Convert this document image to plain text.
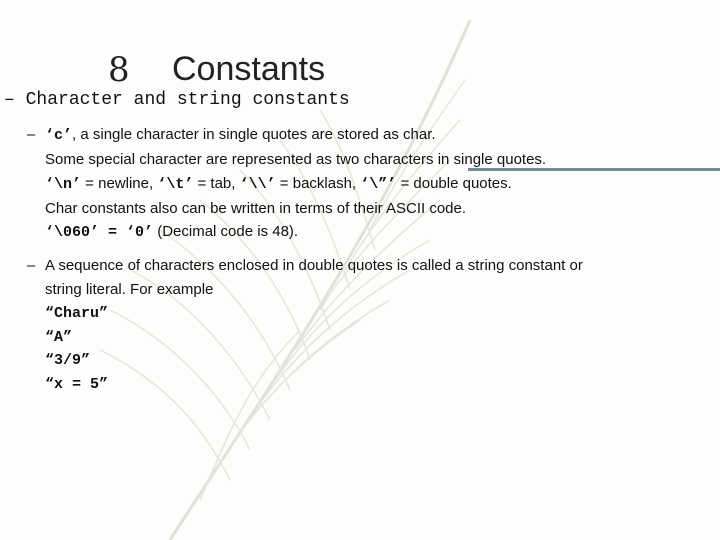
8 Constants
– Character and string constants
– ‘c’, a single character in single quotes are stored as char.
Some special character are represented as two characters in single quotes.
‘\n’ = newline, ‘\t’ = tab, ‘\\’ = backlash, ‘\”’ = double quotes.
Char constants also can be written in terms of their ASCII code.
‘\060’ = ‘0’ (Decimal code is 48).
– A sequence of characters enclosed in double quotes is called a string constant or
string literal. For example
“Charu”
“A”
“3/9”
“x = 5”
